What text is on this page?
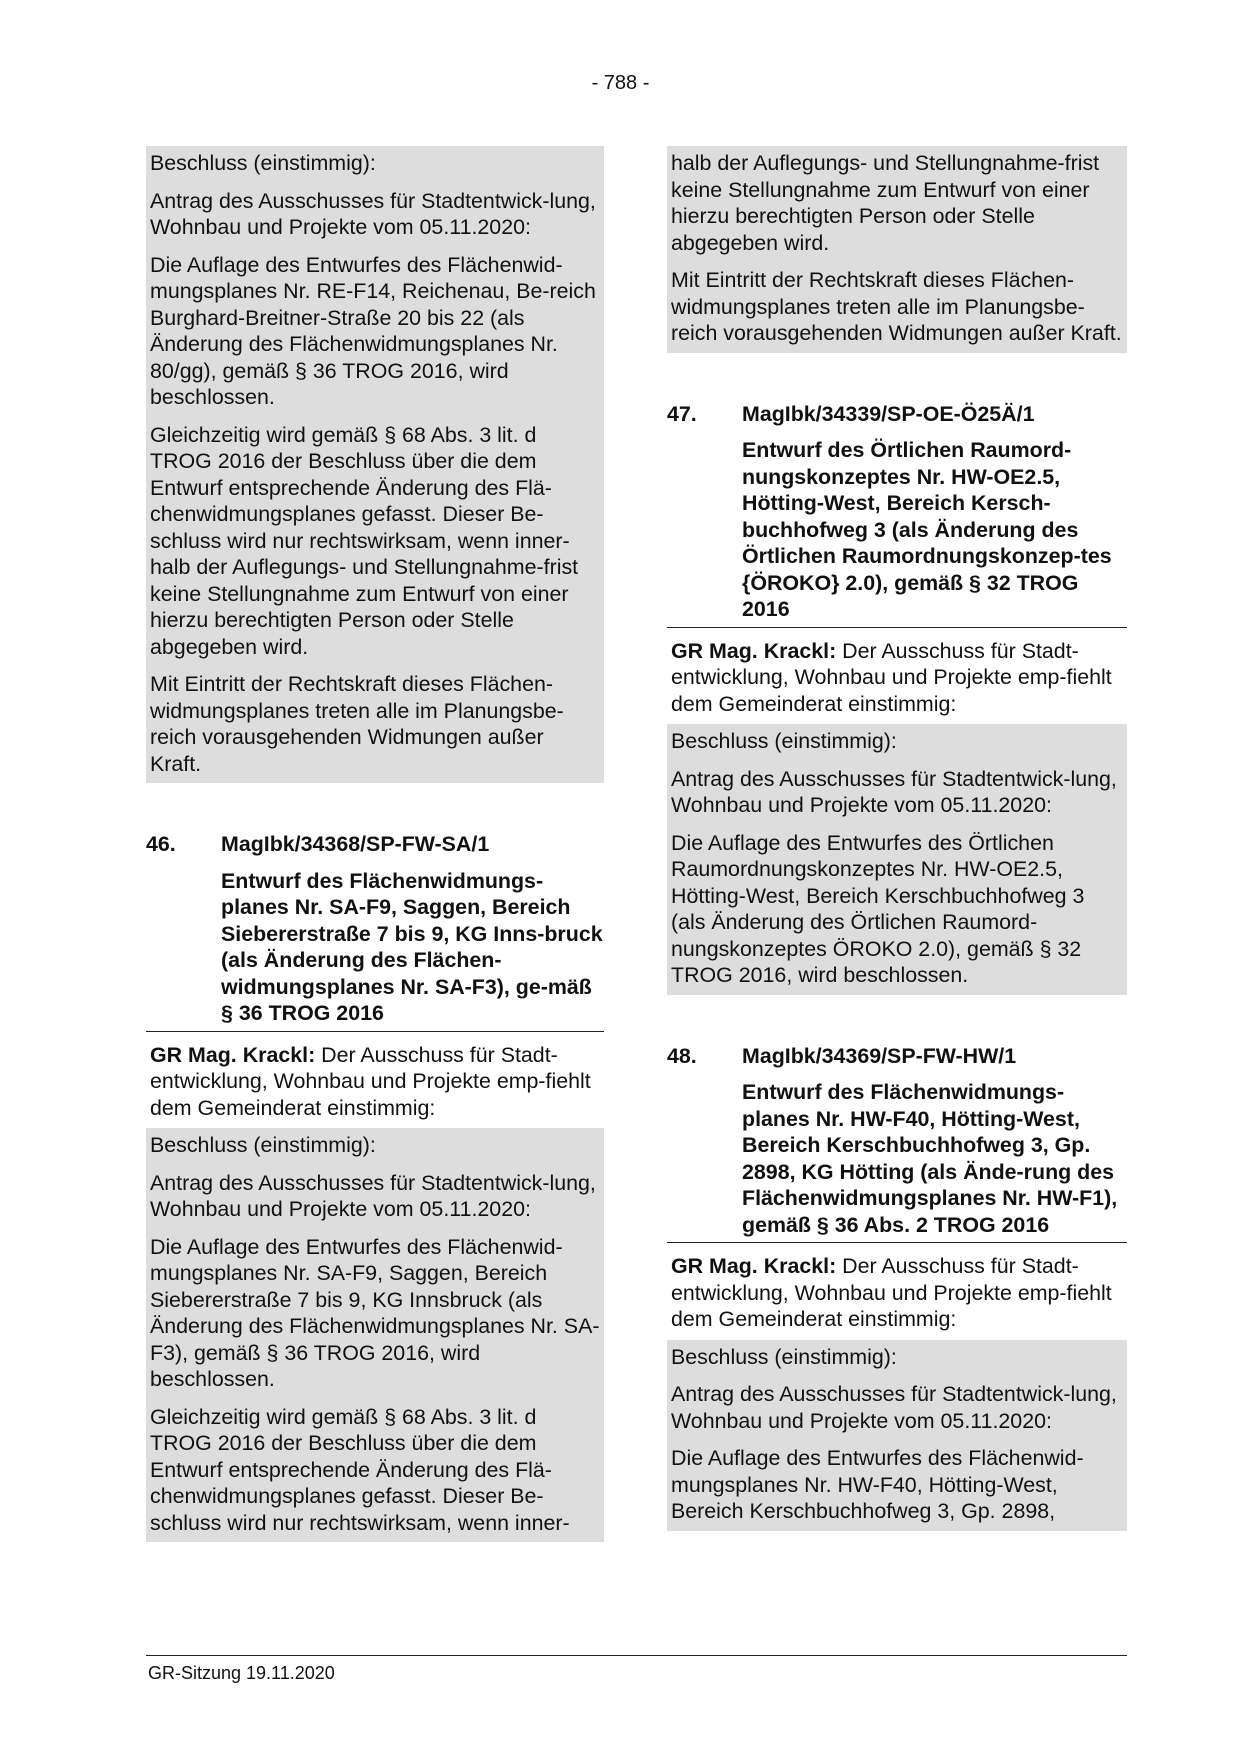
- 788 -

Beschluss (einstimmig):

Antrag des Ausschusses für Stadtentwick-lung, Wohnbau und Projekte vom 05.11.2020:

Die Auflage des Entwurfes des Flächenwid-mungsplanes Nr. RE-F14, Reichenau, Be-reich Burghard-Breitner-Straße 20 bis 22 (als Änderung des Flächenwidmungsplanes Nr. 80/gg), gemäß § 36 TROG 2016, wird beschlossen.

Gleichzeitig wird gemäß § 68 Abs. 3 lit. d TROG 2016 der Beschluss über die dem Entwurf entsprechende Änderung des Flä-chenwidmungsplanes gefasst. Dieser Be-schluss wird nur rechtswirksam, wenn inner-halb der Auflegungs- und Stellungnahme-frist keine Stellungnahme zum Entwurf von einer hierzu berechtigten Person oder Stelle abgegeben wird.

Mit Eintritt der Rechtskraft dieses Flächen-widmungsplanes treten alle im Planungsbe-reich vorausgehenden Widmungen außer Kraft.

46.	MagIbk/34368/SP-FW-SA/1
Entwurf des Flächenwidmungs-planes Nr. SA-F9, Saggen, Bereich Siebererstraße 7 bis 9, KG Inns-bruck (als Änderung des Flächen-widmungsplanes Nr. SA-F3), ge-mäß § 36 TROG 2016
GR Mag. Krackl: Der Ausschuss für Stadt-entwicklung, Wohnbau und Projekte emp-fiehlt dem Gemeinderat einstimmig:

Beschluss (einstimmig):

Antrag des Ausschusses für Stadtentwick-lung, Wohnbau und Projekte vom 05.11.2020:

Die Auflage des Entwurfes des Flächenwid-mungsplanes Nr. SA-F9, Saggen, Bereich Siebererstraße 7 bis 9, KG Innsbruck (als Änderung des Flächenwidmungsplanes Nr. SA-F3), gemäß § 36 TROG 2016, wird beschlossen.

Gleichzeitig wird gemäß § 68 Abs. 3 lit. d TROG 2016 der Beschluss über die dem Entwurf entsprechende Änderung des Flä-chenwidmungsplanes gefasst. Dieser Be-schluss wird nur rechtswirksam, wenn inner-

halb der Auflegungs- und Stellungnahme-frist keine Stellungnahme zum Entwurf von einer hierzu berechtigten Person oder Stelle abgegeben wird.

Mit Eintritt der Rechtskraft dieses Flächen-widmungsplanes treten alle im Planungsbe-reich vorausgehenden Widmungen außer Kraft.

47.	MagIbk/34339/SP-OE-Ö25Ä/1
Entwurf des Örtlichen Raumord-nungskonzeptes Nr. HW-OE2.5, Hötting-West, Bereich Kersch-buchhofweg 3 (als Änderung des Örtlichen Raumordnungskonzep-tes {ÖROKO} 2.0), gemäß § 32 TROG 2016
GR Mag. Krackl: Der Ausschuss für Stadt-entwicklung, Wohnbau und Projekte emp-fiehlt dem Gemeinderat einstimmig:

Beschluss (einstimmig):

Antrag des Ausschusses für Stadtentwick-lung, Wohnbau und Projekte vom 05.11.2020:

Die Auflage des Entwurfes des Örtlichen Raumordnungskonzeptes Nr. HW-OE2.5, Hötting-West, Bereich Kerschbuchhofweg 3 (als Änderung des Örtlichen Raumord-nungskonzeptes ÖROKO 2.0), gemäß § 32 TROG 2016, wird beschlossen.

48.	MagIbk/34369/SP-FW-HW/1
Entwurf des Flächenwidmungs-planes Nr. HW-F40, Hötting-West, Bereich Kerschbuchhofweg 3, Gp. 2898, KG Hötting (als Ände-rung des Flächenwidmungsplanes Nr. HW-F1), gemäß § 36 Abs. 2 TROG 2016
GR Mag. Krackl: Der Ausschuss für Stadt-entwicklung, Wohnbau und Projekte emp-fiehlt dem Gemeinderat einstimmig:

Beschluss (einstimmig):

Antrag des Ausschusses für Stadtentwick-lung, Wohnbau und Projekte vom 05.11.2020:

Die Auflage des Entwurfes des Flächenwid-mungsplanes Nr. HW-F40, Hötting-West, Bereich Kerschbuchhofweg 3, Gp. 2898,

GR-Sitzung 19.11.2020
